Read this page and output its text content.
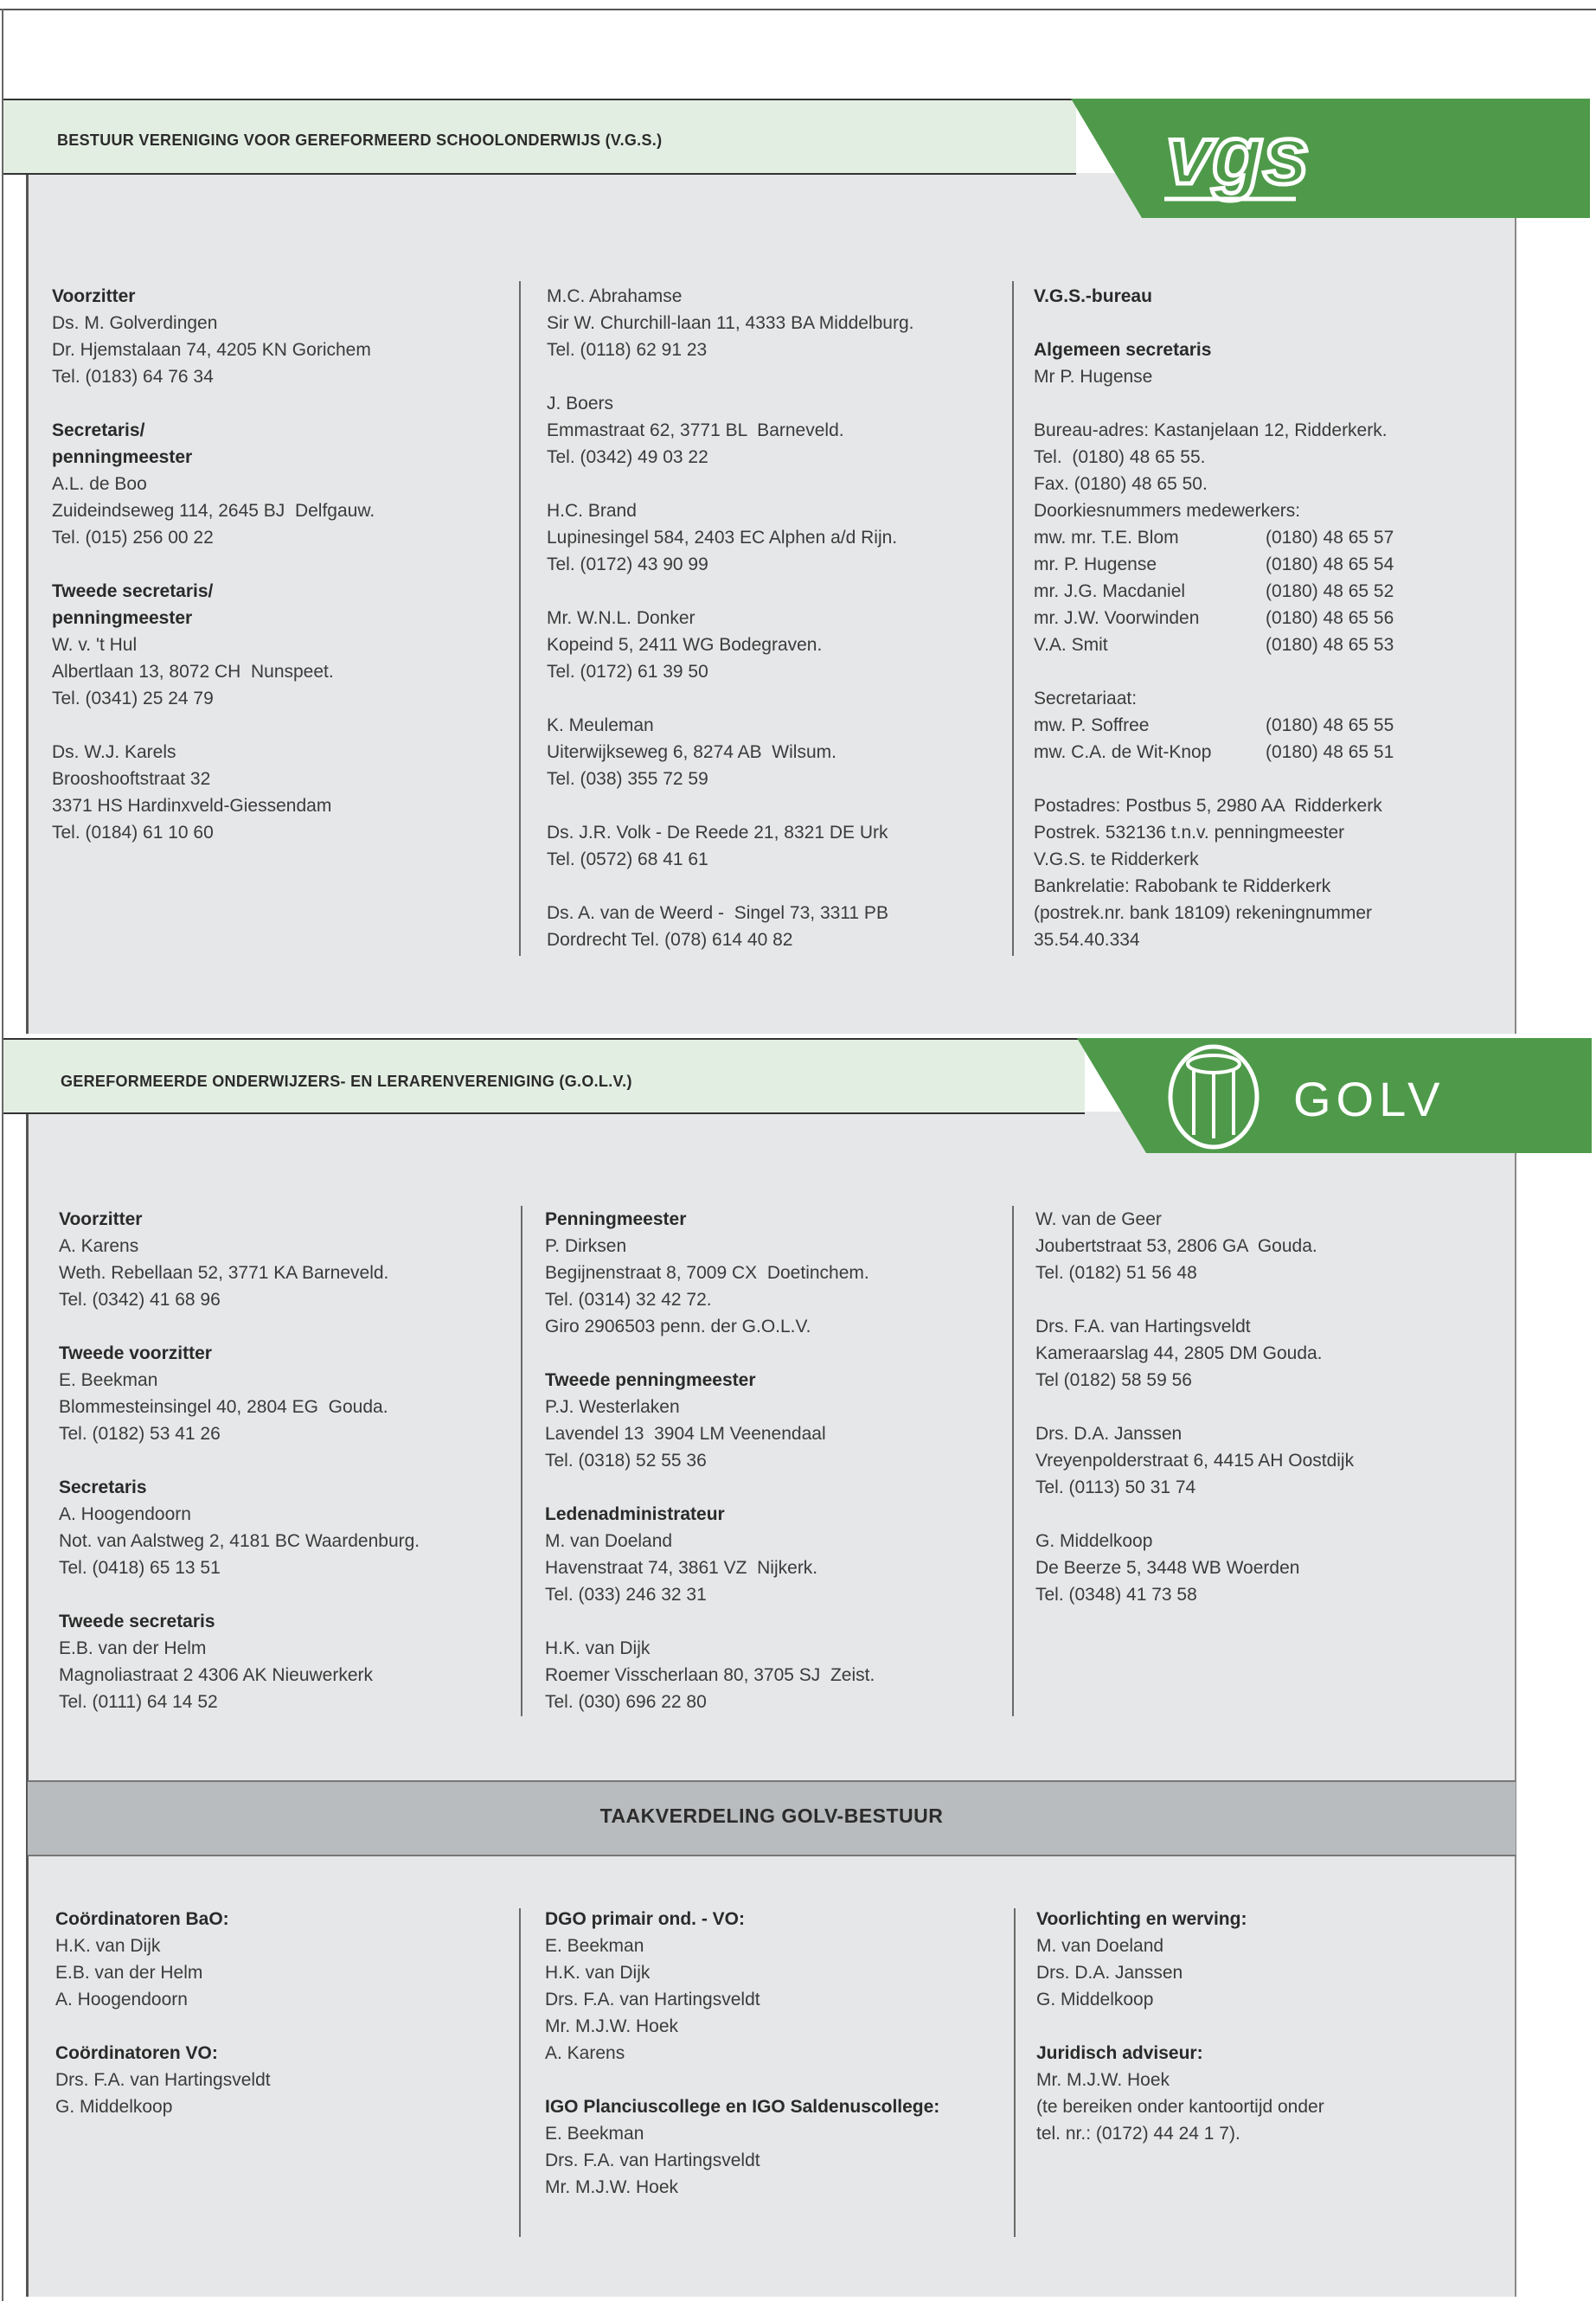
BESTUUR VERENIGING VOOR GEREFORMEERD SCHOOLONDERWIJS (V.G.S.)	vgs
Voorzitter
Ds. M. Golverdingen
Dr. Hjemstalaan 74, 4205 KN Gorichem
Tel. (0183) 64 76 34
Secretaris/
penningmeester
A.L. de Boo
Zuideindseweg 114, 2645 BJ  Delfgauw.
Tel. (015) 256 00 22
Tweede secretaris/
penningmeester
W. v. 't Hul
Albertlaan 13, 8072 CH  Nunspeet.
Tel. (0341) 25 24 79
Ds. W.J. Karels
Brooshooftstraat 32
3371 HS Hardinxveld-Giessendam
Tel. (0184) 61 10 60
M.C. Abrahamse
Sir W. Churchill-laan 11, 4333 BA Middelburg.
Tel. (0118) 62 91 23
J. Boers
Emmastraat 62, 3771 BL  Barneveld.
Tel. (0342) 49 03 22
H.C. Brand
Lupinesingel 584, 2403 EC Alphen a/d Rijn.
Tel. (0172) 43 90 99
Mr. W.N.L. Donker
Kopeind 5, 2411 WG Bodegraven.
Tel. (0172) 61 39 50
K. Meuleman
Uiterwijkseweg 6, 8274 AB  Wilsum.
Tel. (038) 355 72 59
Ds. J.R. Volk - De Reede 21, 8321 DE Urk
Tel. (0572) 68 41 61
Ds. A. van de Weerd -  Singel 73, 3311 PB
Dordrecht Tel. (078) 614 40 82
V.G.S.-bureau
Algemeen secretaris
Mr P. Hugense
Bureau-adres: Kastanjelaan 12, Ridderkerk.
Tel.  (0180) 48 65 55.
Fax. (0180) 48 65 50.
Doorkiesnummers medewerkers:
mw. mr. T.E. Blom	(0180) 48 65 57
mr. P. Hugense	(0180) 48 65 54
mr. J.G. Macdaniel	(0180) 48 65 52
mr. J.W. Voorwinden	(0180) 48 65 56
V.A. Smit	(0180) 48 65 53
Secretariaat:
mw. P. Soffree	(0180) 48 65 55
mw. C.A. de Wit-Knop	(0180) 48 65 51
Postadres: Postbus 5, 2980 AA  Ridderkerk
Postrek. 532136 t.n.v. penningmeester
V.G.S. te Ridderkerk
Bankrelatie: Rabobank te Ridderkerk
(postrek.nr. bank 18109) rekeningnummer
35.54.40.334
GEREFORMEERDE ONDERWIJZERS- EN LERARENVERENIGING (G.O.L.V.)	GOLV
Voorzitter
A. Karens
Weth. Rebellaan 52, 3771 KA Barneveld.
Tel. (0342) 41 68 96
Tweede voorzitter
E. Beekman
Blommesteinsingel 40, 2804 EG  Gouda.
Tel. (0182) 53 41 26
Secretaris
A. Hoogendoorn
Not. van Aalstweg 2, 4181 BC Waardenburg.
Tel. (0418) 65 13 51
Tweede secretaris
E.B. van der Helm
Magnoliastraat 2 4306 AK Nieuwerkerk
Tel. (0111) 64 14 52
Penningmeester
P. Dirksen
Begijnenstraat 8, 7009 CX  Doetinchem.
Tel. (0314) 32 42 72.
Giro 2906503 penn. der G.O.L.V.
Tweede penningmeester
P.J. Westerlaken
Lavendel 13  3904 LM Veenendaal
Tel. (0318) 52 55 36
Ledenadministrateur
M. van Doeland
Havenstraat 74, 3861 VZ  Nijkerk.
Tel. (033) 246 32 31
H.K. van Dijk
Roemer Visscherlaan 80, 3705 SJ  Zeist.
Tel. (030) 696 22 80
W. van de Geer
Joubertstraat 53, 2806 GA  Gouda.
Tel. (0182) 51 56 48
Drs. F.A. van Hartingsveldt
Kameraarslag 44, 2805 DM Gouda.
Tel (0182) 58 59 56
Drs. D.A. Janssen
Vreyenpolderstraat 6, 4415 AH Oostdijk
Tel. (0113) 50 31 74
G. Middelkoop
De Beerze 5, 3448 WB Woerden
Tel. (0348) 41 73 58
TAAKVERDELING GOLV-BESTUUR
Coördinatoren BaO:
H.K. van Dijk
E.B. van der Helm
A. Hoogendoorn
Coördinatoren VO:
Drs. F.A. van Hartingsveldt
G. Middelkoop
DGO primair ond. - VO:
E. Beekman
H.K. van Dijk
Drs. F.A. van Hartingsveldt
Mr. M.J.W. Hoek
A. Karens
IGO Planciuscollege en IGO Saldenuscollege:
E. Beekman
Drs. F.A. van Hartingsveldt
Mr. M.J.W. Hoek
Voorlichting en werving:
M. van Doeland
Drs. D.A. Janssen
G. Middelkoop
Juridisch adviseur:
Mr. M.J.W. Hoek
(te bereiken onder kantoortijd onder
tel. nr.: (0172) 44 24 1 7).
